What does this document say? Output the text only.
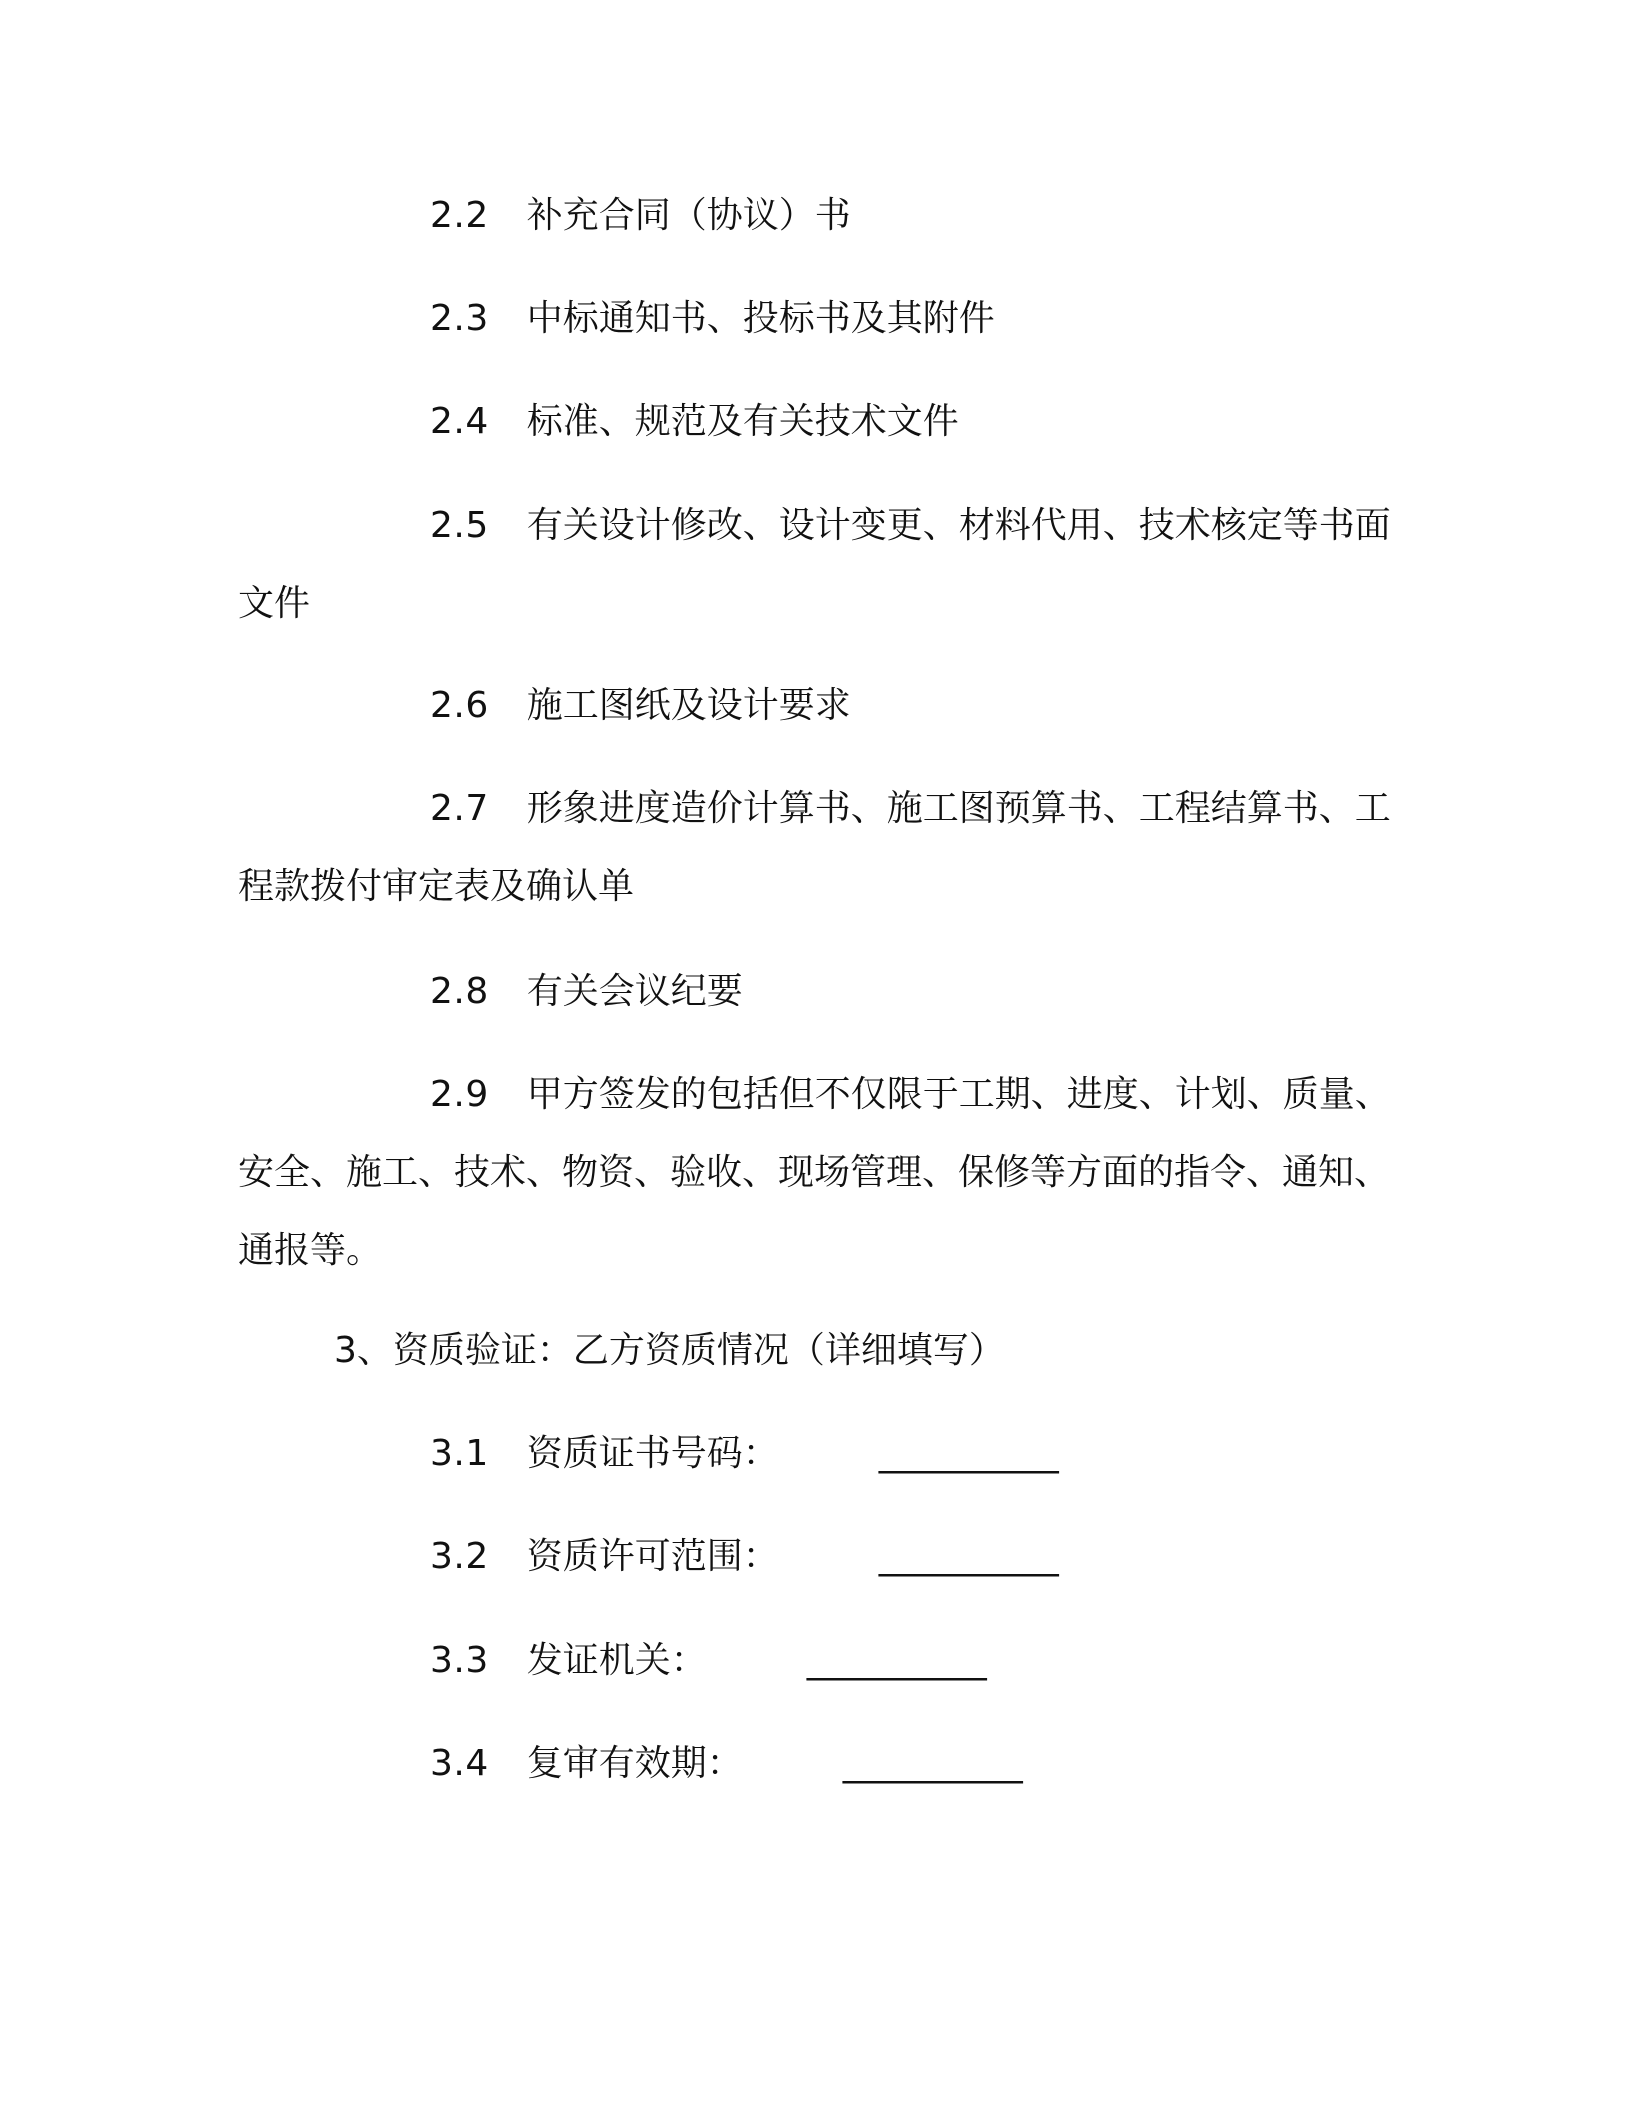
2.2 补充合同（协议）书

2.3 中标通知书、投标书及其附件

2.4 标准、规范及有关技术文件

2.5 有关设计修改、设计变更、材料代用、技术核定等书面文件

2.6 施工图纸及设计要求

2.7 形象进度造价计算书、施工图预算书、工程结算书、工程款拨付审定表及确认单

2.8 有关会议纪要

2.9 甲方签发的包括但不仅限于工期、进度、计划、质量、安全、施工、技术、物资、验收、现场管理、保修等方面的指令、通知、通报等。

3、资质验证：乙方资质情况（详细填写）

3.1 资质证书号码：	__________

3.2 资质许可范围：	__________

3.3 发证机关：	__________

3.4 复审有效期：	__________
